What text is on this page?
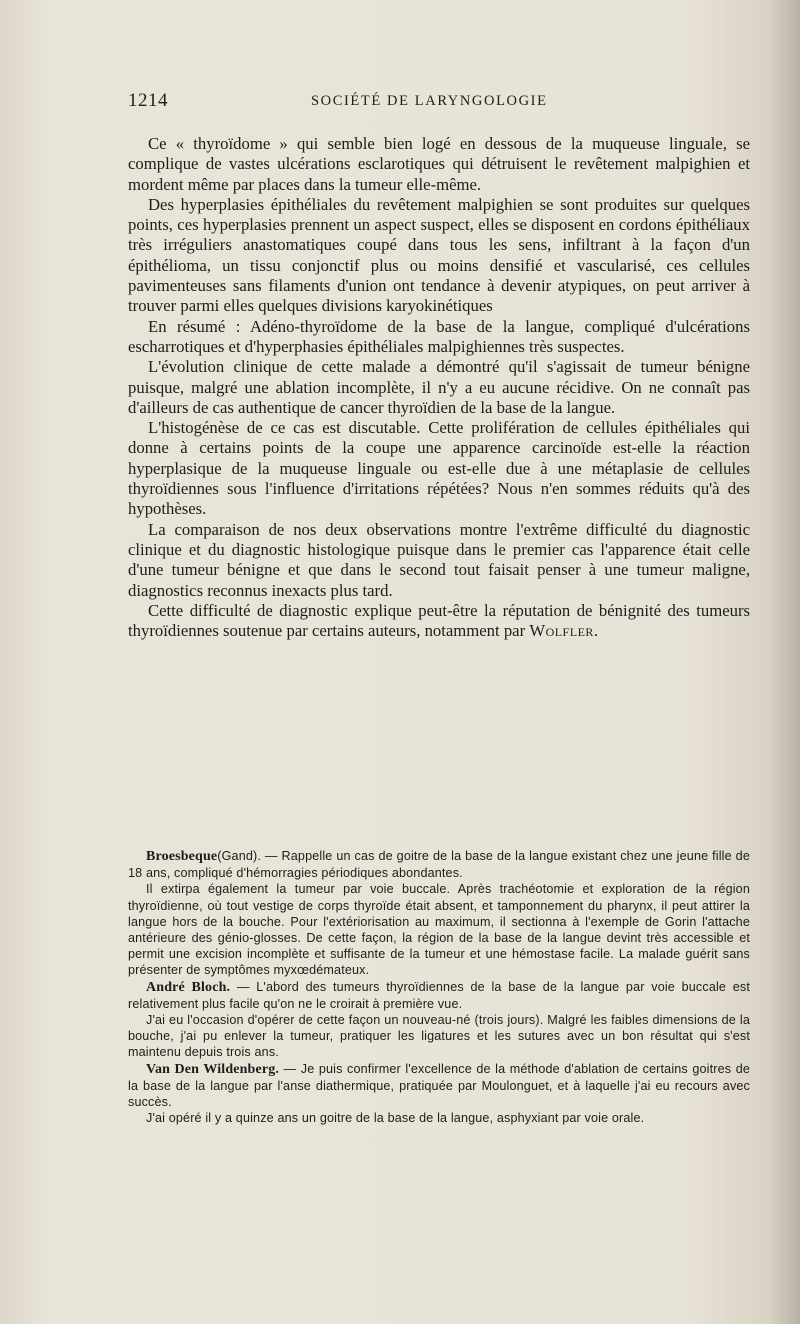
1214	SOCIÉTÉ DE LARYNGOLOGIE

Ce « thyroïdome » qui semble bien logé en dessous de la muqueuse linguale, se complique de vastes ulcérations esclarotiques qui détruisent le revêtement malpighien et mordent même par places dans la tumeur elle-même.

Des hyperplasies épithéliales du revêtement malpighien se sont produites sur quelques points, ces hyperplasies prennent un aspect suspect, elles se disposent en cordons épithéliaux très irréguliers anastomatiques coupé dans tous les sens, infiltrant à la façon d'un épithélioma, un tissu conjonctif plus ou moins densifié et vascularisé, ces cellules pavimenteuses sans filaments d'union ont tendance à devenir atypiques, on peut arriver à trouver parmi elles quelques divisions karyokinétiques

En résumé : Adéno-thyroïdome de la base de la langue, compliqué d'ulcérations escharrotiques et d'hyperphasies épithéliales malpighiennes très suspectes.

L'évolution clinique de cette malade a démontré qu'il s'agissait de tumeur bénigne puisque, malgré une ablation incomplète, il n'y a eu aucune récidive. On ne connaît pas d'ailleurs de cas authentique de cancer thyroïdien de la base de la langue.

L'histogénèse de ce cas est discutable. Cette prolifération de cellules épithéliales qui donne à certains points de la coupe une apparence carcinoïde est-elle la réaction hyperplasique de la muqueuse linguale ou est-elle due à une métaplasie de cellules thyroïdiennes sous l'influence d'irritations répétées? Nous n'en sommes réduits qu'à des hypothèses.

La comparaison de nos deux observations montre l'extrême difficulté du diagnostic clinique et du diagnostic histologique puisque dans le premier cas l'apparence était celle d'une tumeur bénigne et que dans le second tout faisait penser à une tumeur maligne, diagnostics reconnus inexacts plus tard.

Cette difficulté de diagnostic explique peut-être la réputation de bénignité des tumeurs thyroïdiennes soutenue par certains auteurs, notamment par Wolfler.

Broesbeque(Gand). — Rappelle un cas de goitre de la base de la langue existant chez une jeune fille de 18 ans, compliqué d'hémorragies périodiques abondantes.

Il extirpa également la tumeur par voie buccale. Après trachéotomie et exploration de la région thyroïdienne, où tout vestige de corps thyroïde était absent, et tamponnement du pharynx, il peut attirer la langue hors de la bouche. Pour l'extériorisation au maximum, il sectionna à l'exemple de Gorin l'attache antérieure des génio-glosses. De cette façon, la région de la base de la langue devint très accessible et permit une excision incomplète et suffisante de la tumeur et une hémostase facile. La malade guérit sans présenter de symptômes myxœdémateux.

André Bloch. — L'abord des tumeurs thyroïdiennes de la base de la langue par voie buccale est relativement plus facile qu'on ne le croirait à première vue.

J'ai eu l'occasion d'opérer de cette façon un nouveau-né (trois jours). Malgré les faibles dimensions de la bouche, j'ai pu enlever la tumeur, pratiquer les ligatures et les sutures avec un bon résultat qui s'est maintenu depuis trois ans.

Van Den Wildenberg. — Je puis confirmer l'excellence de la méthode d'ablation de certains goitres de la base de la langue par l'anse diathermique, pratiquée par Moulonguet, et à laquelle j'ai eu recours avec succès.

J'ai opéré il y a quinze ans un goitre de la base de la langue, asphyxiant par voie orale.
